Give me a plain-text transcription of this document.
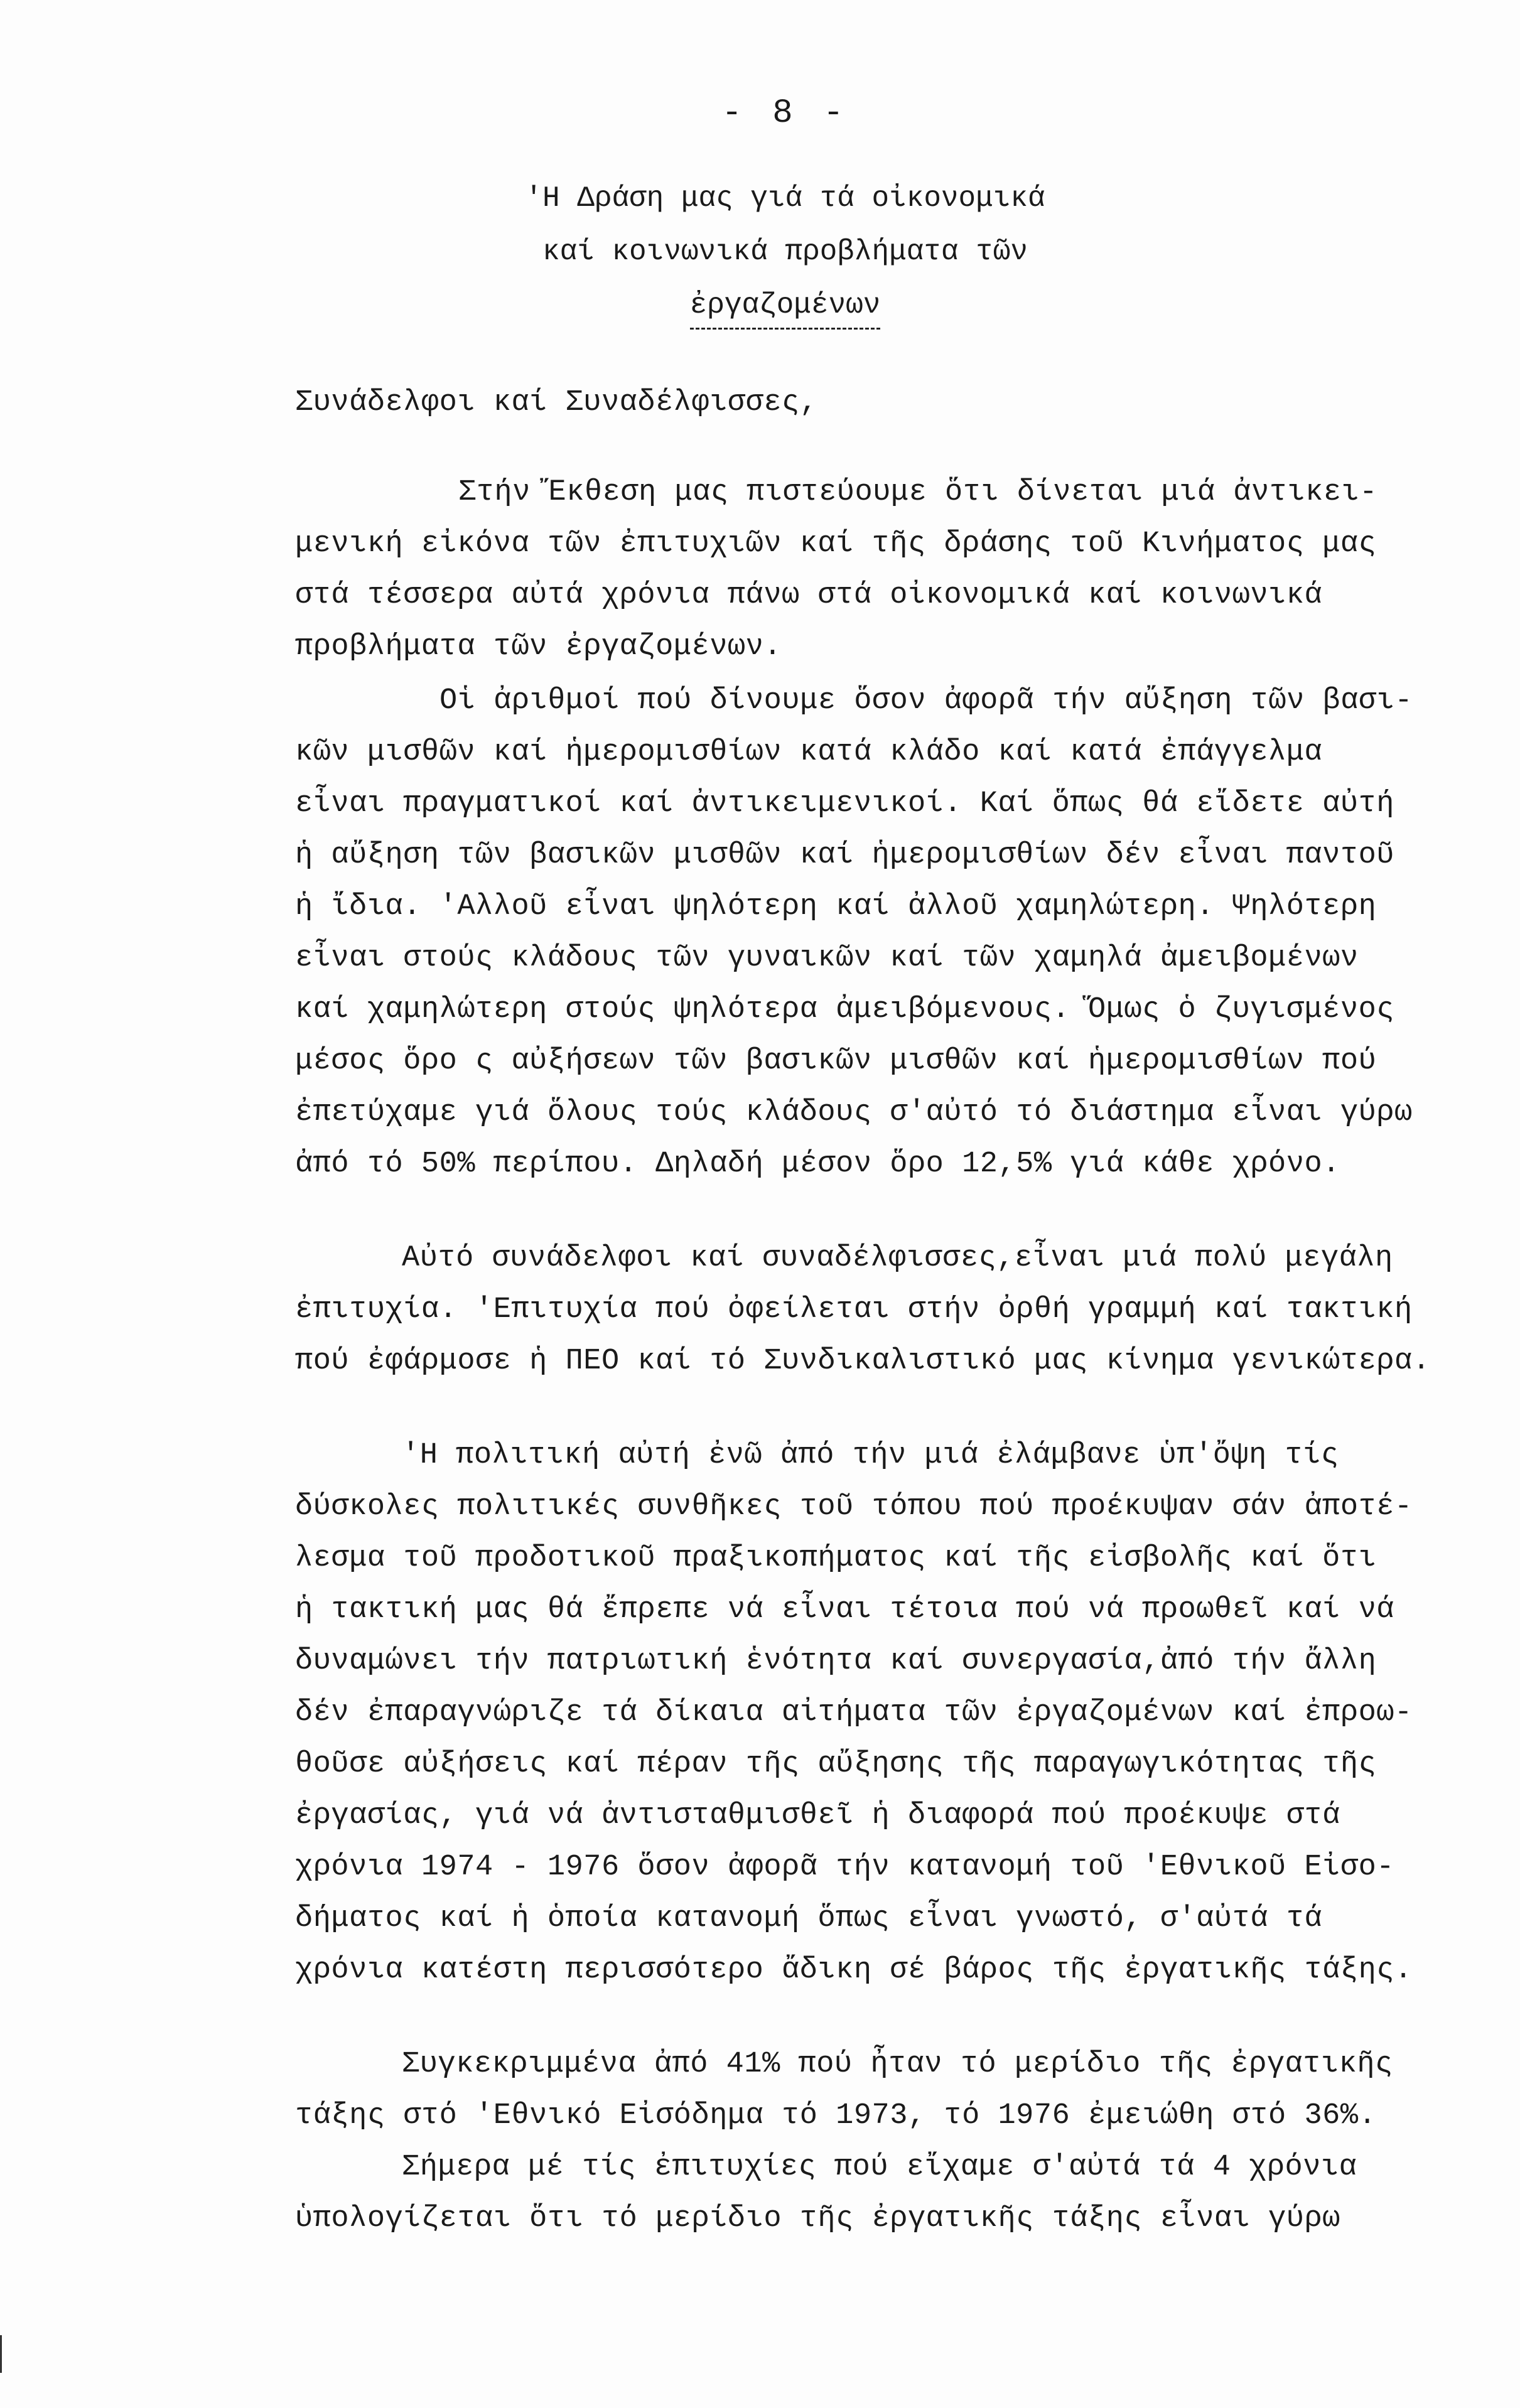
- 8 -
'Η Δράση μας γιά τά οἰκονομικά
καί κοινωνικά προβλήματα τῶν
ἐργαζομένων
Συνάδελφοι καί Συναδέλφισσες,
Στήν Ἔκθεση μας πιστεύουμε ὅτι δίνεται μιά ἀντικει-
μενική εἰκόνα τῶν ἐπιτυχιῶν καί τῆς δράσης τοῦ Κινήματος μας
στά τέσσερα αὐτά χρόνια πάνω στά οἰκονομικά καί κοινωνικά
προβλήματα τῶν ἐργαζομένων.
Οἱ ἀριθμοί πού δίνουμε ὅσον ἀφορᾶ τήν αὔξηση τῶν βασι-
κῶν μισθῶν καί ἡμερομισθίων κατά κλάδο καί κατά ἐπάγγελμα
εἶναι πραγματικοί καί ἀντικειμενικοί. Καί ὅπως θά εἴδετε αὐτή
ἡ αὔξηση τῶν βασικῶν μισθῶν καί ἡμερομισθίων δέν εἶναι παντοῦ
ἡ ἴδια. 'Αλλοῦ εἶναι ψηλότερη καί ἀλλοῦ χαμηλώτερη. Ψηλότερη
εἶναι στούς κλάδους τῶν γυναικῶν καί τῶν χαμηλά ἀμειβομένων
καί χαμηλώτερη στούς ψηλότερα ἀμειβόμενους. Ὅμως ὁ ζυγισμένος
μέσος ὅρο ς αὐξήσεων τῶν βασικῶν μισθῶν καί ἡμερομισθίων πού
ἐπετύχαμε γιά ὅλους τούς κλάδους σ'αὐτό τό διάστημα εἶναι γύρω
ἀπό τό 50% περίπου. Δηλαδή μέσον ὅρο 12,5% γιά κάθε χρόνο.
Αὐτό συνάδελφοι καί συναδέλφισσες,εἶναι μιά πολύ μεγάλη
ἐπιτυχία. 'Επιτυχία πού ὀφείλεται στήν ὀρθή γραμμή καί τακτική
πού ἐφάρμοσε ἡ ΠΕΟ καί τό Συνδικαλιστικό μας κίνημα γενικώτερα.
'Η πολιτική αὐτή ἐνῶ ἀπό τήν μιά ἐλάμβανε ὑπ'ὄψη τίς
δύσκολες πολιτικές συνθῆκες τοῦ τόπου πού προέκυψαν σάν ἀποτέ-
λεσμα τοῦ προδοτικοῦ πραξικοπήματος καί τῆς εἰσβολῆς καί ὅτι
ἡ τακτική μας θά ἔπρεπε νά εἶναι τέτοια πού νά προωθεῖ καί νά
δυναμώνει τήν πατριωτική ἑνότητα καί συνεργασία,ἀπό τήν ἄλλη
δέν ἐπαραγνώριζε τά δίκαια αἰτήματα τῶν ἐργαζομένων καί ἐπροω-
θοῦσε αὐξήσεις καί πέραν τῆς αὔξησης τῆς παραγωγικότητας τῆς
ἐργασίας, γιά νά ἀντισταθμισθεῖ ἡ διαφορά πού προέκυψε στά
χρόνια 1974 - 1976 ὅσον ἀφορᾶ τήν κατανομή τοῦ 'Εθνικοῦ Εἰσο-
δήματος καί ἡ ὁποία κατανομή ὅπως εἶναι γνωστό, σ'αὐτά τά
χρόνια κατέστη περισσότερο ἄδικη σέ βάρος τῆς ἐργατικῆς τάξης.
Συγκεκριμμένα ἀπό 41% πού ἦταν τό μερίδιο τῆς ἐργατικῆς
τάξης στό 'Εθνικό Εἰσόδημα τό 1973, τό 1976 ἐμειώθη στό 36%.
Σήμερα μέ τίς ἐπιτυχίες πού εἴχαμε σ'αὐτά τά 4 χρόνια
ὑπολογίζεται ὅτι τό μερίδιο τῆς ἐργατικῆς τάξης εἶναι γύρω
